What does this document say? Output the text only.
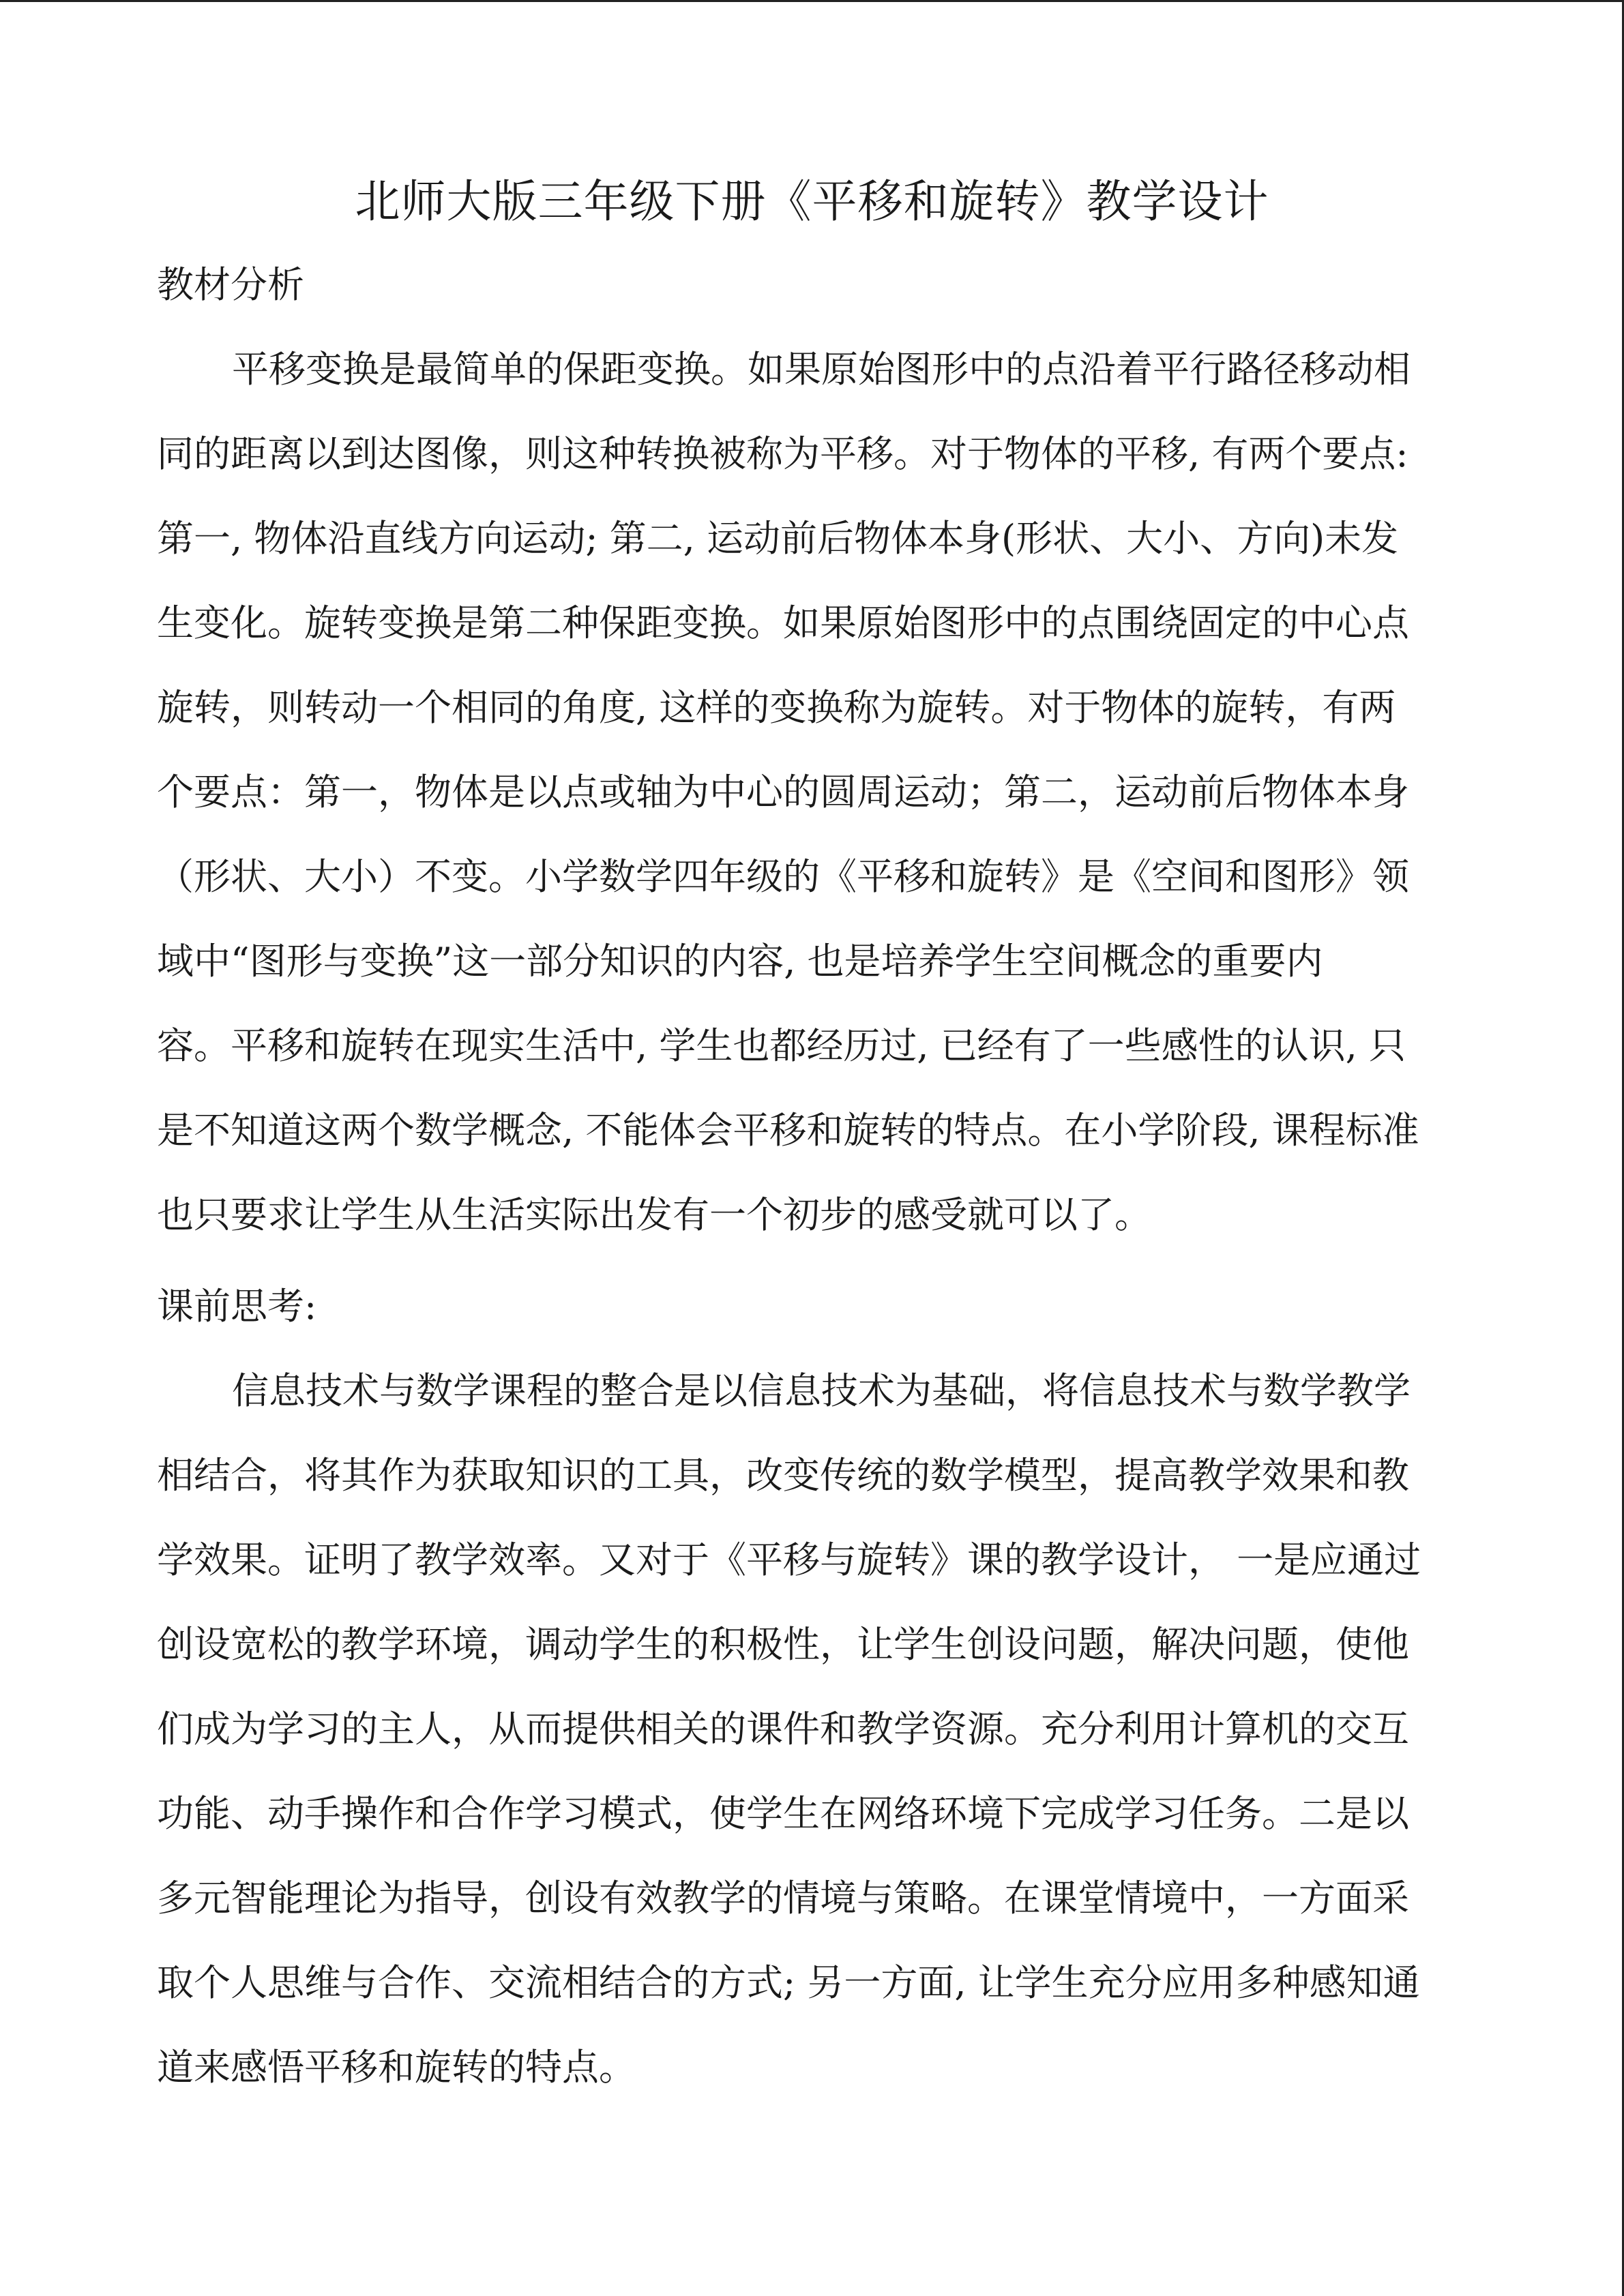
北师大版三年级下册《平移和旋转》教学设计
教材分析
平移变换是最简单的保距变换。如果原始图形中的点沿着平行路径移动相
同的距离以到达图像，则这种转换被称为平移。对于物体的平移, 有两个要点:
第一, 物体沿直线方向运动; 第二, 运动前后物体本身(形状、大小、方向)未发
生变化。旋转变换是第二种保距变换。如果原始图形中的点围绕固定的中心点
旋转，则转动一个相同的角度, 这样的变换称为旋转。对于物体的旋转，有两
个要点：第一，物体是以点或轴为中心的圆周运动；第二，运动前后物体本身
（形状、大小）不变。小学数学四年级的《平移和旋转》是《空间和图形》领
域中“图形与变换”这一部分知识的内容, 也是培养学生空间概念的重要内
容。平移和旋转在现实生活中, 学生也都经历过, 已经有了一些感性的认识, 只
是不知道这两个数学概念, 不能体会平移和旋转的特点。在小学阶段, 课程标准
也只要求让学生从生活实际出发有一个初步的感受就可以了。
课前思考:
信息技术与数学课程的整合是以信息技术为基础，将信息技术与数学教学
相结合，将其作为获取知识的工具，改变传统的数学模型，提高教学效果和教
学效果。证明了教学效率。又对于《平移与旋转》课的教学设计， 一是应通过
创设宽松的教学环境，调动学生的积极性，让学生创设问题，解决问题，使他
们成为学习的主人，从而提供相关的课件和教学资源。充分利用计算机的交互
功能、动手操作和合作学习模式，使学生在网络环境下完成学习任务。二是以
多元智能理论为指导，创设有效教学的情境与策略。在课堂情境中，一方面采
取个人思维与合作、交流相结合的方式; 另一方面, 让学生充分应用多种感知通
道来感悟平移和旋转的特点。
